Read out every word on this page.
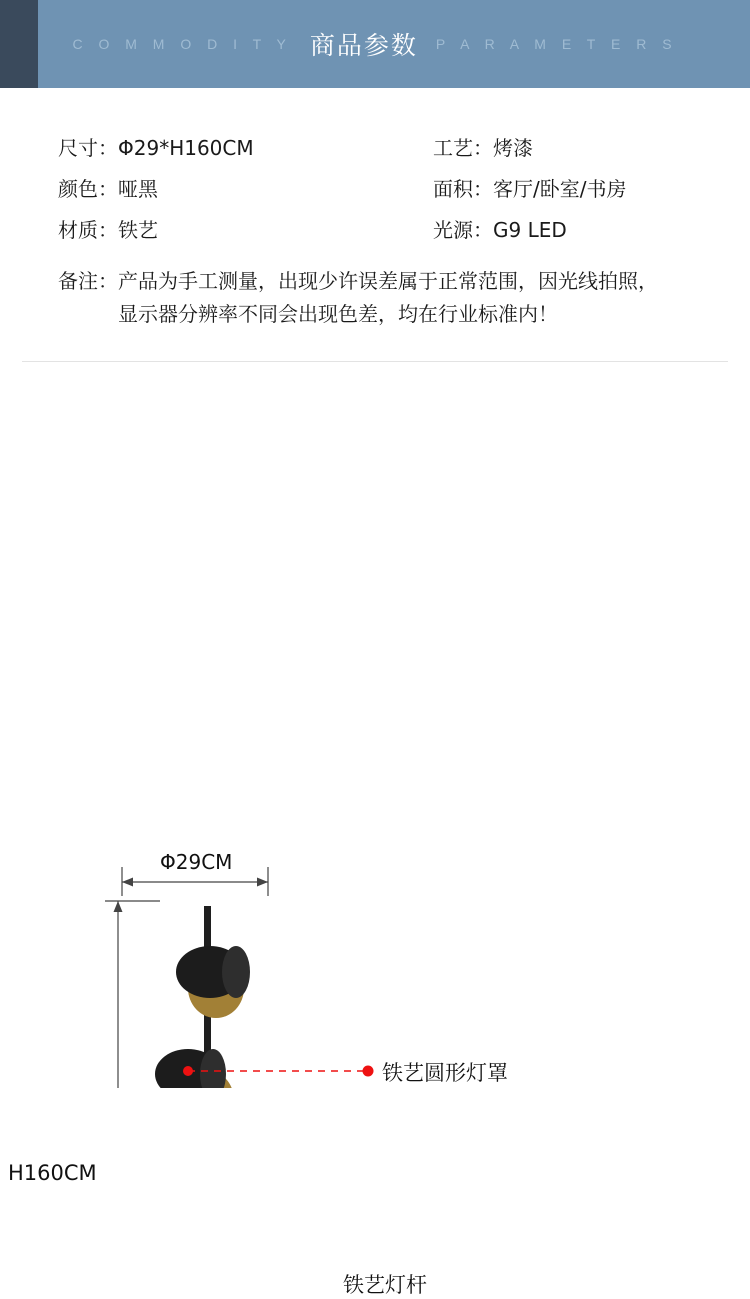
C O M M O D I T Y 商品参数 P A R A M E T E R S
尺寸 ： Φ29*H160CM	工艺 ： 烤漆
颜色 ： 哑黑	面积 ： 客厅/卧室/书房
材质 ： 铁艺	光源 ： G9 LED
备注 ： 产品为手工测量，出现少许误差属于正常范围，因光线拍照，显示器分辨率不同会出现色差，均在行业标准内！
Φ29CM
H160CM
铁艺圆形灯罩
铁艺灯杆
